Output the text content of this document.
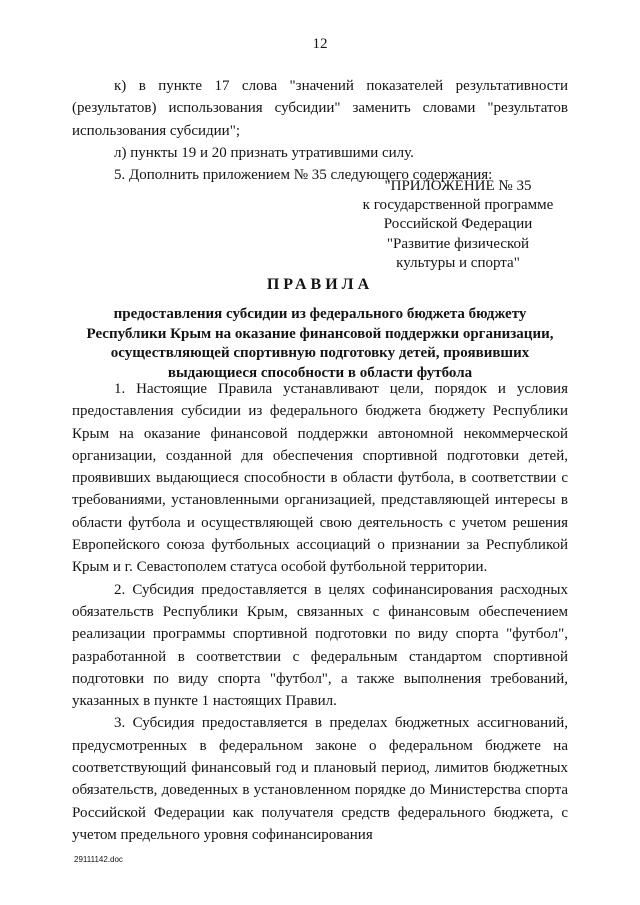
12

к) в пункте 17 слова "значений показателей результативности (результатов) использования субсидии" заменить словами "результатов использования субсидии";

л) пункты 19 и 20 признать утратившими силу.

5. Дополнить приложением № 35 следующего содержания:

"ПРИЛОЖЕНИЕ № 35
к государственной программе
Российской Федерации
"Развитие физической
культуры и спорта"
ПРАВИЛА
предоставления субсидии из федерального бюджета бюджету
Республики Крым на оказание финансовой поддержки организации,
осуществляющей спортивную подготовку детей, проявивших
выдающиеся способности в области футбола

1. Настоящие Правила устанавливают цели, порядок и условия предоставления субсидии из федерального бюджета бюджету Республики Крым на оказание финансовой поддержки автономной некоммерческой организации, созданной для обеспечения спортивной подготовки детей, проявивших выдающиеся способности в области футбола, в соответствии с требованиями, установленными организацией, представляющей интересы в области футбола и осуществляющей свою деятельность с учетом решения Европейского союза футбольных ассоциаций о признании за Республикой Крым и г. Севастополем статуса особой футбольной территории.

2. Субсидия предоставляется в целях софинансирования расходных обязательств Республики Крым, связанных с финансовым обеспечением реализации программы спортивной подготовки по виду спорта "футбол", разработанной в соответствии с федеральным стандартом спортивной подготовки по виду спорта "футбол", а также выполнения требований, указанных в пункте 1 настоящих Правил.

3. Субсидия предоставляется в пределах бюджетных ассигнований, предусмотренных в федеральном законе о федеральном бюджете на соответствующий финансовый год и плановый период, лимитов бюджетных обязательств, доведенных в установленном порядке до Министерства спорта Российской Федерации как получателя средств федерального бюджета, с учетом предельного уровня софинансирования

29111142.doc
